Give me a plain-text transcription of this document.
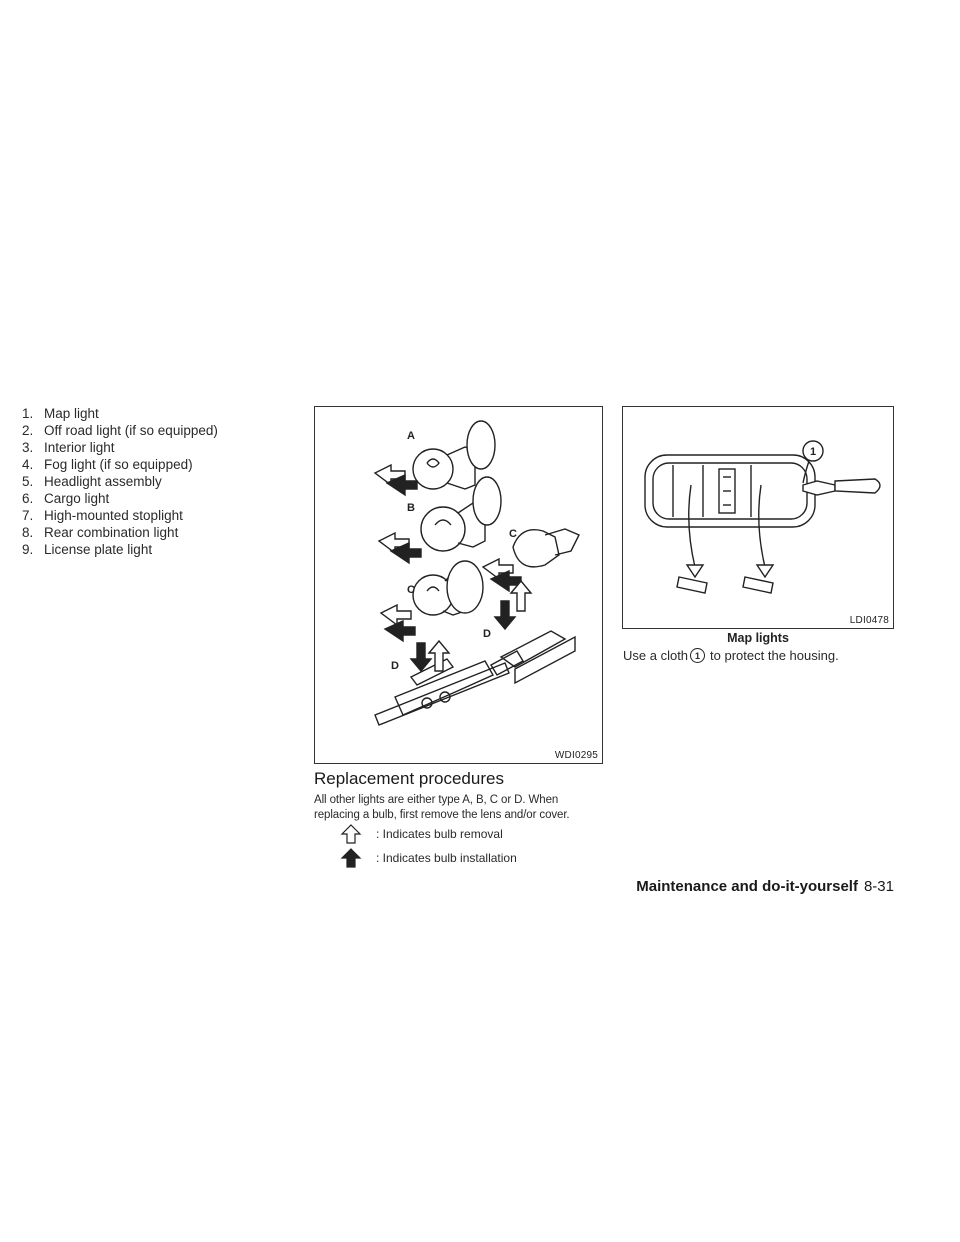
1. Map light
2. Off road light (if so equipped)
3. Interior light
4. Fog light (if so equipped)
5. Headlight assembly
6. Cargo light
7. High-mounted stoplight
8. Rear combination light
9. License plate light
A
B
C
C
D
D
WDI0295
1
LDI0478
Map lights
Use a cloth 1 to protect the housing.
Replacement procedures

All other lights are either type A, B, C or D. When replacing a bulb, first remove the lens and/or cover.

: Indicates bulb removal
: Indicates bulb installation
Maintenance and do-it-yourself 8-31
